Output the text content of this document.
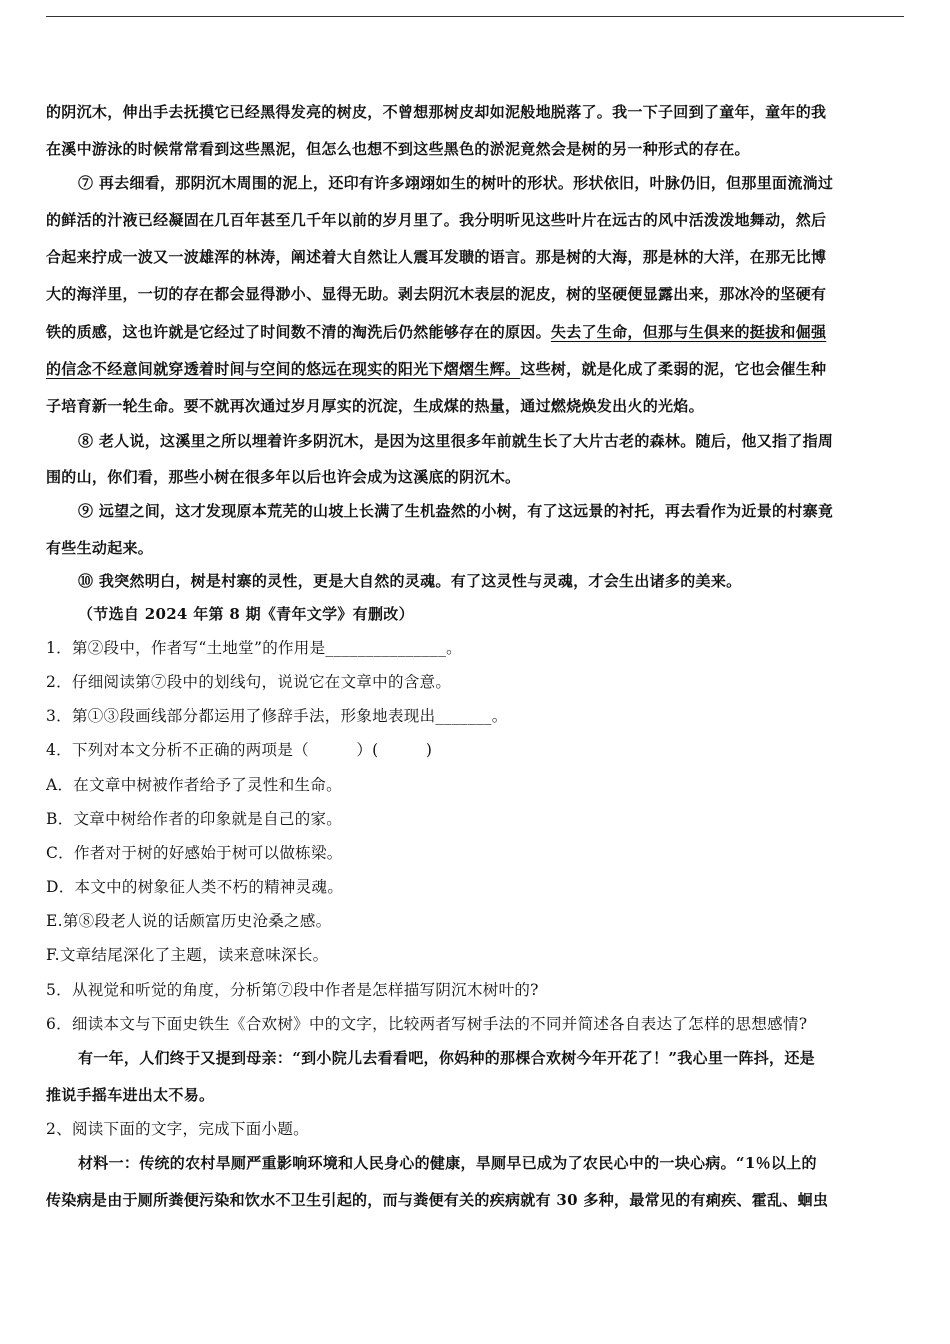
的阴沉木，伸出手去抚摸它已经黑得发亮的树皮，不曾想那树皮却如泥般地脱落了。我一下子回到了童年，童年的我
在溪中游泳的时候常常看到这些黑泥，但怎么也想不到这些黑色的淤泥竟然会是树的另一种形式的存在。
⑦ 再去细看，那阴沉木周围的泥上，还印有许多翊翊如生的树叶的形状。形状依旧，叶脉仍旧，但那里面流淌过
的鲜活的汁液已经凝固在几百年甚至几千年以前的岁月里了。我分明听见这些叶片在远古的风中活泼泼地舞动，然后
合起来拧成一波又一波雄浑的林涛，阐述着大自然让人震耳发聩的语言。那是树的大海，那是林的大洋，在那无比博
大的海洋里，一切的存在都会显得渺小、显得无助。剥去阴沉木表层的泥皮，树的坚硬便显露出来，那冰冷的坚硬有
铁的质感，这也许就是它经过了时间数不清的淘洗后仍然能够存在的原因。失去了生命，但那与生俱来的挺拔和倔强
的信念不经意间就穿透着时间与空间的悠远在现实的阳光下熠熠生辉。这些树，就是化成了柔弱的泥，它也会催生种
子培育新一轮生命。要不就再次通过岁月厚实的沉淀，生成煤的热量，通过燃烧焕发出火的光焰。
⑧ 老人说，这溪里之所以埋着许多阴沉木，是因为这里很多年前就生长了大片古老的森林。随后，他又指了指周
围的山，你们看，那些小树在很多年以后也许会成为这溪底的阴沉木。
⑨ 远望之间，这才发现原本荒芜的山坡上长满了生机盎然的小树，有了这远景的衬托，再去看作为近景的村寨竟
有些生动起来。
⑩ 我突然明白，树是村寨的灵性，更是大自然的灵魂。有了这灵性与灵魂，才会生出诸多的美来。
（节选自 2024 年第 8 期《青年文学》有删改）
1．第②段中，作者写“土地堂”的作用是_______________。
2．仔细阅读第⑦段中的划线句，说说它在文章中的含意。
3．第①③段画线部分都运用了修辞手法，形象地表现出_______。
4．下列对本文分析不正确的两项是（　　　）(　　　)
A．在文章中树被作者给予了灵性和生命。
B．文章中树给作者的印象就是自己的家。
C．作者对于树的好感始于树可以做栋梁。
D．本文中的树象征人类不朽的精神灵魂。
E.第⑧段老人说的话颇富历史沧桑之感。
F.文章结尾深化了主题，读来意味深长。
5．从视觉和听觉的角度，分析第⑦段中作者是怎样描写阴沉木树叶的?
6．细读本文与下面史铁生《合欢树》中的文字，比较两者写树手法的不同并简述各自表达了怎样的思想感情?
有一年，人们终于又提到母亲：“到小院儿去看看吧，你妈种的那棵合欢树今年开花了！”我心里一阵抖，还是
推说手摇车进出太不易。
2、阅读下面的文字，完成下面小题。
材料一：传统的农村旱厕严重影响环境和人民身心的健康，旱厕早已成为了农民心中的一块心病。“1％以上的
传染病是由于厕所粪便污染和饮水不卫生引起的，而与粪便有关的疾病就有 30 多种，最常见的有痢疾、霍乱、蛔虫
